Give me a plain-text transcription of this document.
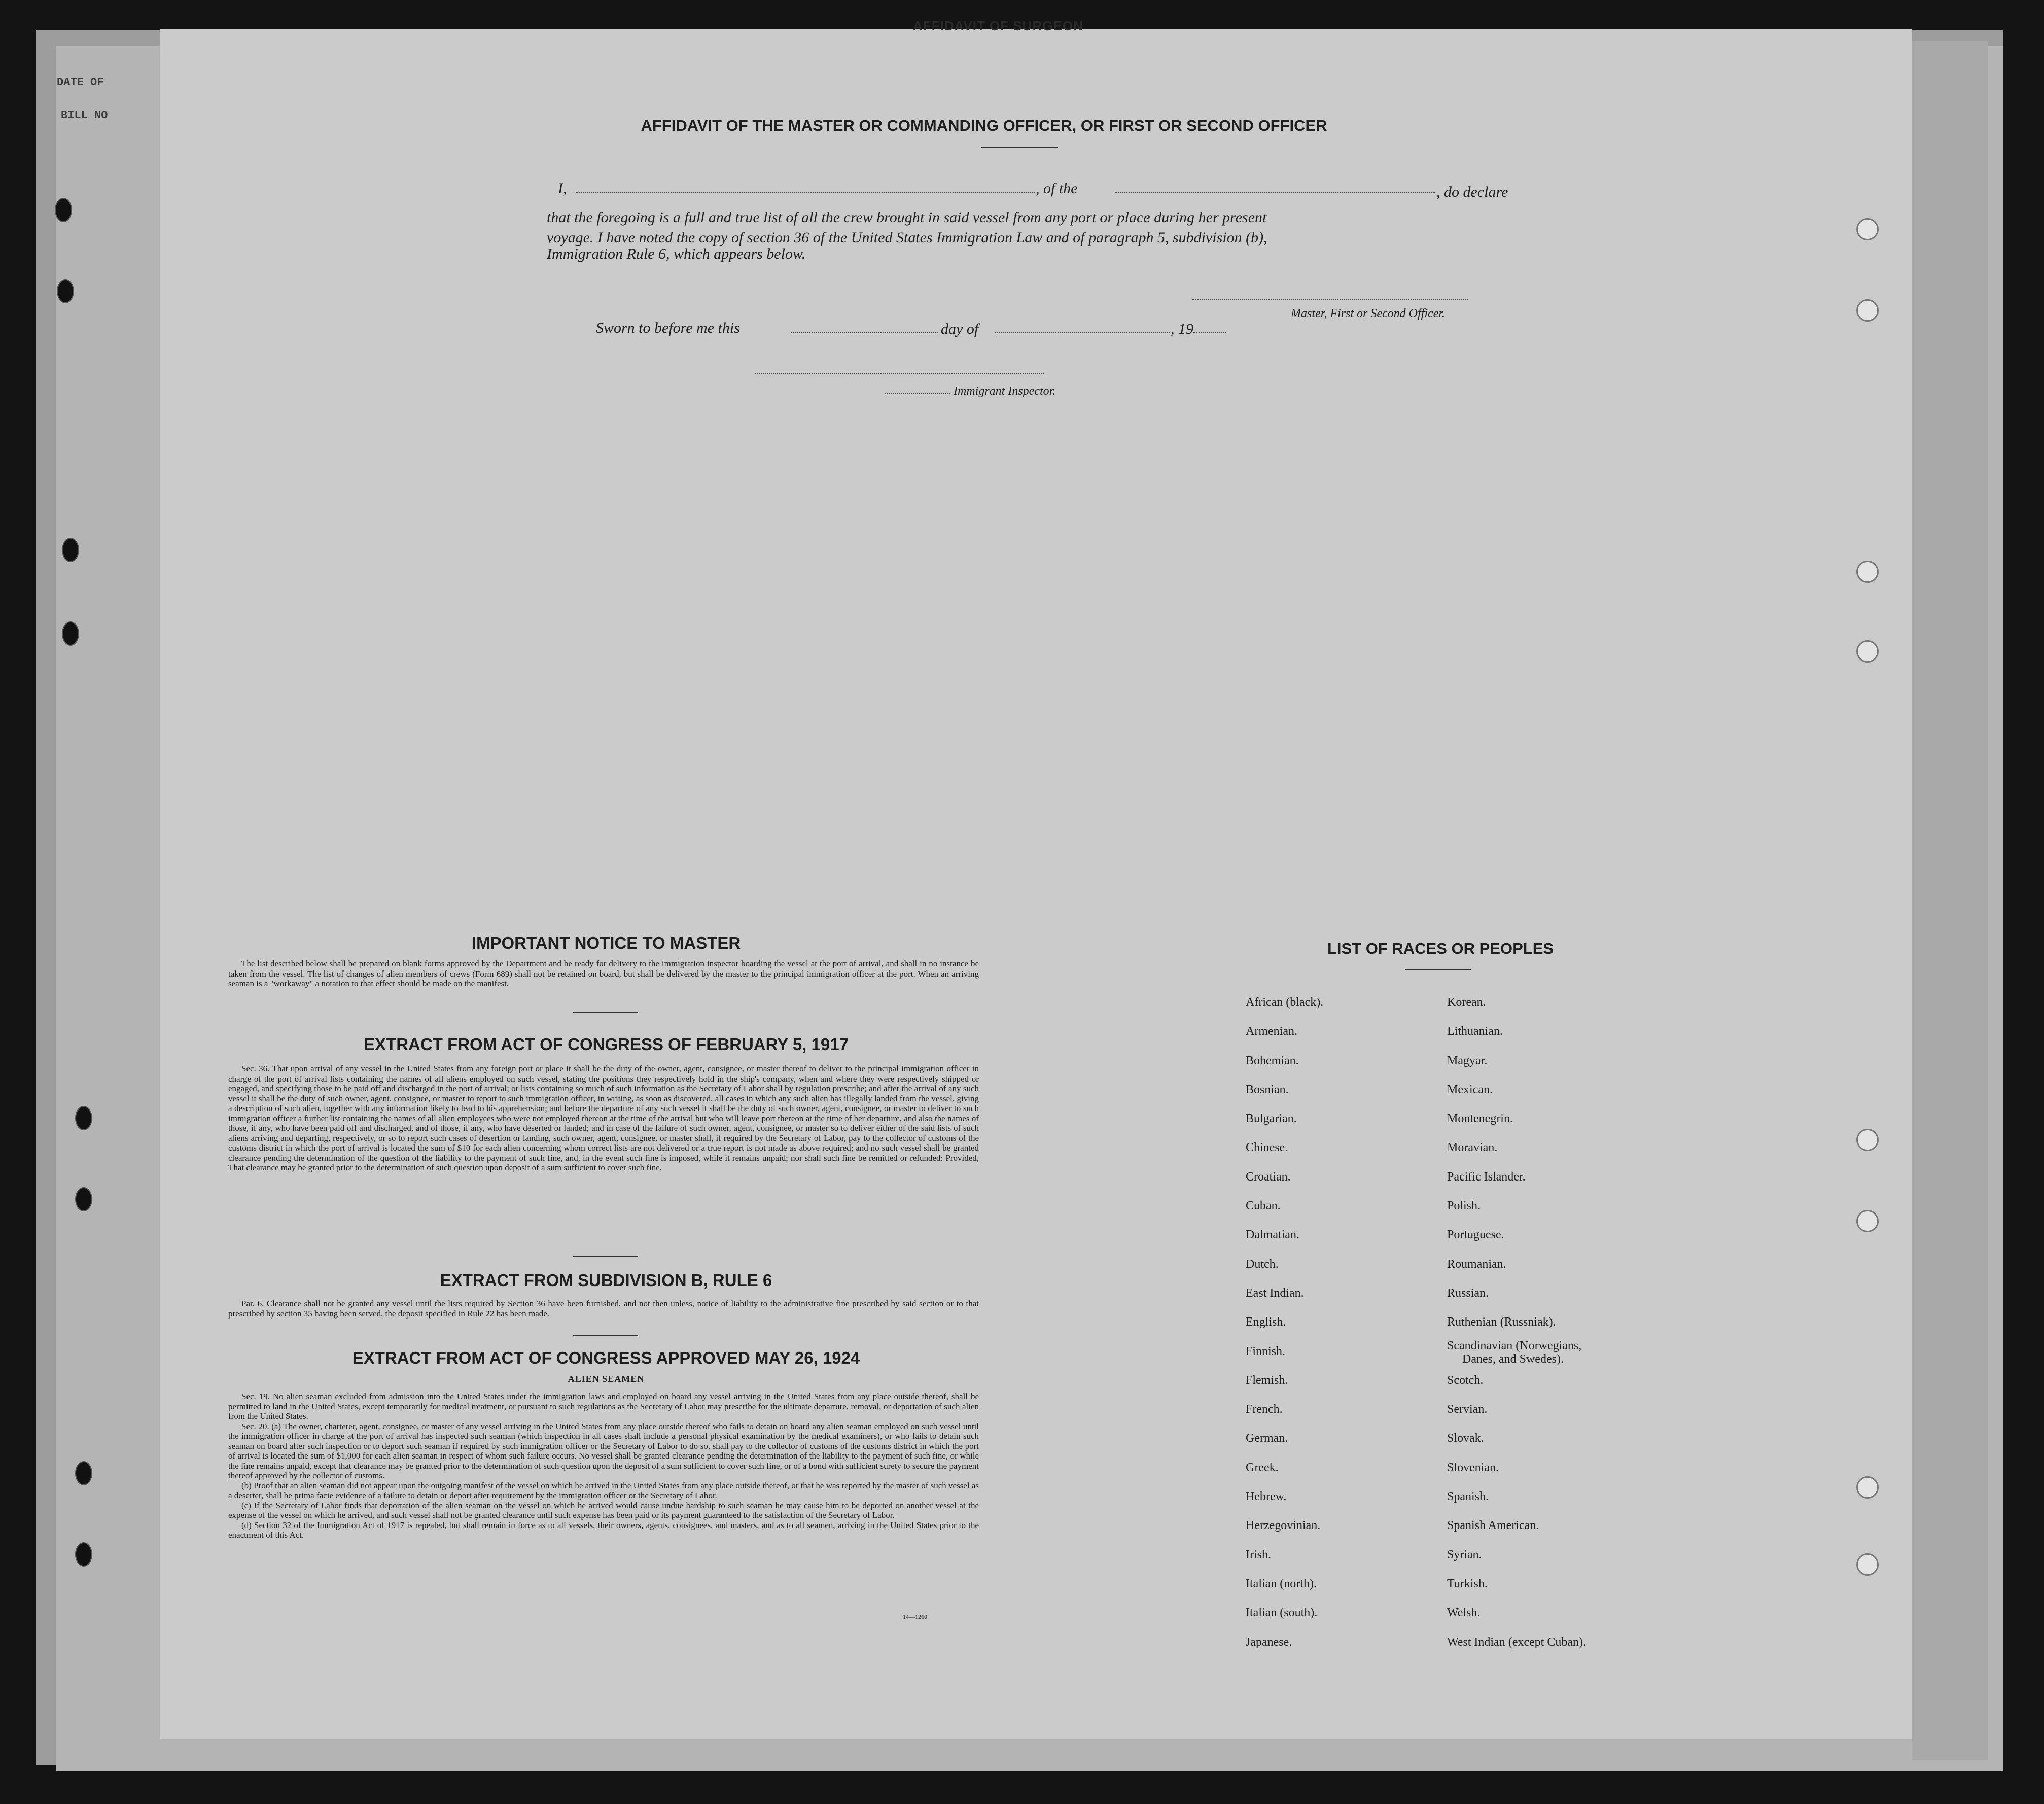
DATE OF
BILL NO
AFFIDAVIT OF SURGEON
AFFIDAVIT OF THE MASTER OR COMMANDING OFFICER, OR FIRST OR SECOND OFFICER
I,	, of the	, do declare
that the foregoing is a full and true list of all the crew brought in said vessel from any port or place during her present
voyage. I have noted the copy of section 36 of the United States Immigration Law and of paragraph 5, subdivision (b),
Immigration Rule 6, which appears below.
Master, First or Second Officer.
Sworn to before me this	day of	, 19
Immigrant Inspector.
IMPORTANT NOTICE TO MASTER

The list described below shall be prepared on blank forms approved by the Department and be ready for delivery to the immigration inspector boarding the vessel at the port of arrival, and shall in no instance be taken from the vessel. The list of changes of alien members of crews (Form 689) shall not be retained on board, but shall be delivered by the master to the principal immigration officer at the port. When an arriving seaman is a "workaway" a notation to that effect should be made on the manifest.

EXTRACT FROM ACT OF CONGRESS OF FEBRUARY 5, 1917

Sec. 36. That upon arrival of any vessel in the United States from any foreign port or place it shall be the duty of the owner, agent, consignee, or master thereof to deliver to the principal immigration officer in charge of the port of arrival lists containing the names of all aliens employed on such vessel, stating the positions they respectively hold in the ship's company, when and where they were respectively shipped or engaged, and specifying those to be paid off and discharged in the port of arrival; or lists containing so much of such information as the Secretary of Labor shall by regulation prescribe; and after the arrival of any such vessel it shall be the duty of such owner, agent, consignee, or master to report to such immigration officer, in writing, as soon as discovered, all cases in which any such alien has illegally landed from the vessel, giving a description of such alien, together with any information likely to lead to his apprehension; and before the departure of any such vessel it shall be the duty of such owner, agent, consignee, or master to deliver to such immigration officer a further list containing the names of all alien employees who were not employed thereon at the time of the arrival but who will leave port thereon at the time of her departure, and also the names of those, if any, who have been paid off and discharged, and of those, if any, who have deserted or landed; and in case of the failure of such owner, agent, consignee, or master so to deliver either of the said lists of such aliens arriving and departing, respectively, or so to report such cases of desertion or landing, such owner, agent, consignee, or master shall, if required by the Secretary of Labor, pay to the collector of customs of the customs district in which the port of arrival is located the sum of $10 for each alien concerning whom correct lists are not delivered or a true report is not made as above required; and no such vessel shall be granted clearance pending the determination of the question of the liability to the payment of such fine, and, in the event such fine is imposed, while it remains unpaid; nor shall such fine be remitted or refunded: Provided, That clearance may be granted prior to the determination of such question upon deposit of a sum sufficient to cover such fine.

EXTRACT FROM SUBDIVISION B, RULE 6

Par. 6. Clearance shall not be granted any vessel until the lists required by Section 36 have been furnished, and not then unless, notice of liability to the administrative fine prescribed by said section or to that prescribed by section 35 having been served, the deposit specified in Rule 22 has been made.

EXTRACT FROM ACT OF CONGRESS APPROVED MAY 26, 1924
ALIEN SEAMEN

Sec. 19. No alien seaman excluded from admission into the United States under the immigration laws and employed on board any vessel arriving in the United States from any place outside thereof, shall be permitted to land in the United States, except temporarily for medical treatment, or pursuant to such regulations as the Secretary of Labor may prescribe for the ultimate departure, removal, or deportation of such alien from the United States.

Sec. 20. (a) The owner, charterer, agent, consignee, or master of any vessel arriving in the United States from any place outside thereof who fails to detain on board any alien seaman employed on such vessel until the immigration officer in charge at the port of arrival has inspected such seaman (which inspection in all cases shall include a personal physical examination by the medical examiners), or who fails to detain such seaman on board after such inspection or to deport such seaman if required by such immigration officer or the Secretary of Labor to do so, shall pay to the collector of customs of the customs district in which the port of arrival is located the sum of $1,000 for each alien seaman in respect of whom such failure occurs. No vessel shall be granted clearance pending the determination of the liability to the payment of such fine, or while the fine remains unpaid, except that clearance may be granted prior to the determination of such question upon the deposit of a sum sufficient to cover such fine, or of a bond with sufficient surety to secure the payment thereof approved by the collector of customs.

(b) Proof that an alien seaman did not appear upon the outgoing manifest of the vessel on which he arrived in the United States from any place outside thereof, or that he was reported by the master of such vessel as a deserter, shall be prima facie evidence of a failure to detain or deport after requirement by the immigration officer or the Secretary of Labor.

(c) If the Secretary of Labor finds that deportation of the alien seaman on the vessel on which he arrived would cause undue hardship to such seaman he may cause him to be deported on another vessel at the expense of the vessel on which he arrived, and such vessel shall not be granted clearance until such expense has been paid or its payment guaranteed to the satisfaction of the Secretary of Labor.

(d) Section 32 of the Immigration Act of 1917 is repealed, but shall remain in force as to all vessels, their owners, agents, consignees, and masters, and as to all seamen, arriving in the United States prior to the enactment of this Act.

14—1260
LIST OF RACES OR PEOPLES
African (black).
Armenian.
Bohemian.
Bosnian.
Bulgarian.
Chinese.
Croatian.
Cuban.
Dalmatian.
Dutch.
East Indian.
English.
Finnish.
Flemish.
French.
German.
Greek.
Hebrew.
Herzegovinian.
Irish.
Italian (north).
Italian (south).
Japanese.
Korean.
Lithuanian.
Magyar.
Mexican.
Montenegrin.
Moravian.
Pacific Islander.
Polish.
Portuguese.
Roumanian.
Russian.
Ruthenian (Russniak).
Scandinavian (Norwegians,
Danes, and Swedes).
Scotch.
Servian.
Slovak.
Slovenian.
Spanish.
Spanish American.
Syrian.
Turkish.
Welsh.
West Indian (except Cuban).
